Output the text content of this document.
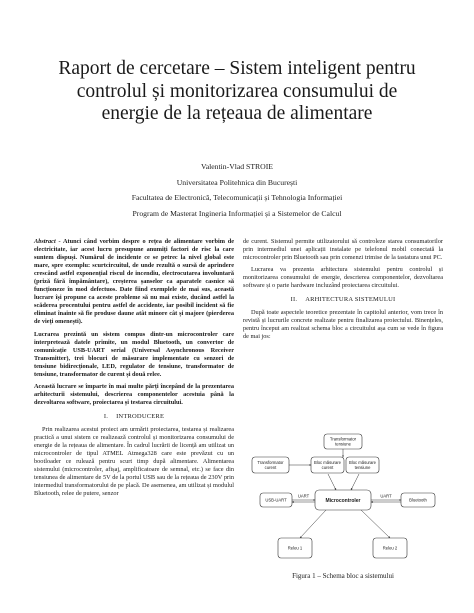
Raport de cercetare – Sistem inteligent pentru
controlul și monitorizarea consumului de
energie de la rețeaua de alimentare
Valentin-Vlad STROIE
Universitatea Politehnica din București
Facultatea de Electronică, Telecomunicații și Tehnologia Informației
Program de Masterat Ingineria Informației și a Sistemelor de Calcul

Abstract - Atunci când vorbim despre o rețea de alimentare vorbim de electricitate, iar acest lucru presupune anumiți factori de risc la care suntem dispuși. Numărul de incidente ce se petrec la nivel global este mare, spre exemplu: scurtcircuitul, de unde rezultă o sursă de aprindere crescând astfel exponențial riscul de incendiu, electrocutarea involuntară (priză fără împământare), creșterea șanselor ca aparatele casnice să funcționeze în mod defectuos. Date fiind exemplele de mai sus, această lucrare își propune ca aceste probleme să nu mai existe, ducând astfel la scăderea procentului pentru astfel de accidente, iar posibil incident să fie eliminat înainte să fie produse daune atât minore cât și majore (pierderea de vieți omenești).

Lucrarea prezintă un sistem compus dintr-un microcontroler care interpretează datele primite, un modul Bluetooth, un convertor de comunicație USB-UART serial (Universal Asynchronous Receiver Transmitter), trei blocuri de măsurare implementate cu senzori de tensiune bidirecționale, LED, regulator de tensiune, transformator de tensiune, transformator de curent și două relee.

Această lucrare se împarte în mai multe părți începând de la prezentarea arhitecturii sistemului, descrierea componentelor acestuia până la dezvoltarea software, proiectarea și testarea circuitului.

I. INTRODUCERE

Prin realizarea acestui proiect am urmărit proiectarea, testarea și realizarea practică a unui sistem ce realizează controlul și monitorizarea consumului de energie de la rețeaua de alimentare. În cadrul lucrării de licență am utilizat un microcontroler de tipul ATMEL Atmega328 care este prevăzut cu un bootloader ce rulează pentru scurt timp după alimentare. Alimentarea sistemului (microcontroler, afișaj, amplificatoare de semnal, etc.) se face din tensiunea de alimentare de 5V de la portul USB sau de la rețeaua de 230V prin intermediul transformatorului de pe placă. De asemenea, am utilizat și modulul Bluetooth, relee de putere, senzor

de curent. Sistemul permite utilizatorului să controleze starea consumatorilor prin intermediul unei aplicații instalate pe telefonul mobil conectată la microcontroler prin Bluetooth sau prin comenzi trimise de la tastatura unui PC.

Lucrarea va prezenta arhitectura sistemului pentru controlul și monitorizarea consumului de energie, descrierea componentelor, dezvoltarea software și o parte hardware incluzând proiectarea circuitului.

II. ARHITECTURA SISTEMULUI

După toate aspectele teoretice prezentate în capitolul anterior, vom trece în revistă și lucrurile concrete realizate pentru finalizarea proiectului. Binențeles, pentru început am realizat schema bloc a circuitului așa cum se vede în figura de mai jos:

Transformator
tensiune
Transformator
curent
Bloc măsurare
curent
Bloc măsurare
tensiune
USB-UART	Microcontroler	Bluetooth
UART	UART
Releu 1	Releu 2
Figura 1 – Schema bloc a sistemului
